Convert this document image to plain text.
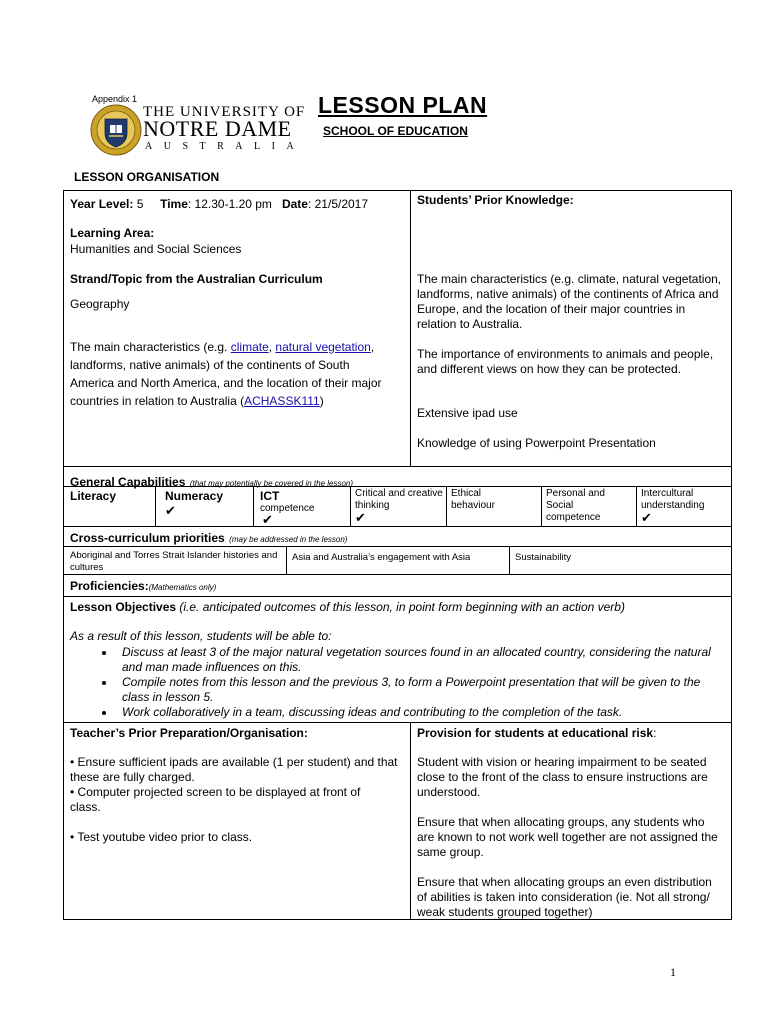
Appendix 1
THE UNIVERSITY OF
NOTRE DAME
AUSTRALIA
LESSON PLAN
SCHOOL OF EDUCATION
LESSON ORGANISATION
Year Level: 5 Time: 12.30-1.20 pm Date: 21/5/2017
Learning Area:
Humanities and Social Sciences
Strand/Topic from the Australian Curriculum
Geography
The main characteristics (e.g. climate, natural vegetation,
landforms, native animals) of the continents of South
America and North America, and the location of their major
countries in relation to Australia (ACHASSK111)
Students’ Prior Knowledge:
The main characteristics (e.g. climate, natural vegetation, landforms, native animals) of the continents of Africa and Europe, and the location of their major countries in relation to Australia.
The importance of environments to animals and people, and different views on how they can be protected.
Extensive ipad use
Knowledge of using Powerpoint Presentation
General Capabilities (that may potentially be covered in the lesson)
Literacy	Numeracy
✔
ICT
competence
✔
Critical and creative thinking
✔
Ethical behaviour
Personal and Social competence
Intercultural understanding
✔
Cross-curriculum priorities (may be addressed in the lesson)
Aboriginal and Torres Strait Islander histories and cultures
Asia and Australia’s engagement with Asia	Sustainability
Proficiencies:(Mathematics only)
Lesson Objectives (i.e. anticipated outcomes of this lesson, in point form beginning with an action verb)
As a result of this lesson, students will be able to:
• Discuss at least 3 of the major natural vegetation sources found in an allocated country, considering the natural and man made influences on this.
• Compile notes from this lesson and the previous 3, to form a Powerpoint presentation that will be given to the class in lesson 5.
• Work collaboratively in a team, discussing ideas and contributing to the completion of the task.
Teacher’s Prior Preparation/Organisation:
• Ensure sufficient ipads are available (1 per student) and that these are fully charged.
• Computer projected screen to be displayed at front of class.
• Test youtube video prior to class.
Provision for students at educational risk:
Student with vision or hearing impairment to be seated close to the front of the class to ensure instructions are understood.
Ensure that when allocating groups, any students who are known to not work well together are not assigned the same group.
Ensure that when allocating groups an even distribution of abilities is taken into consideration (ie. Not all strong/ weak students grouped together)
1
